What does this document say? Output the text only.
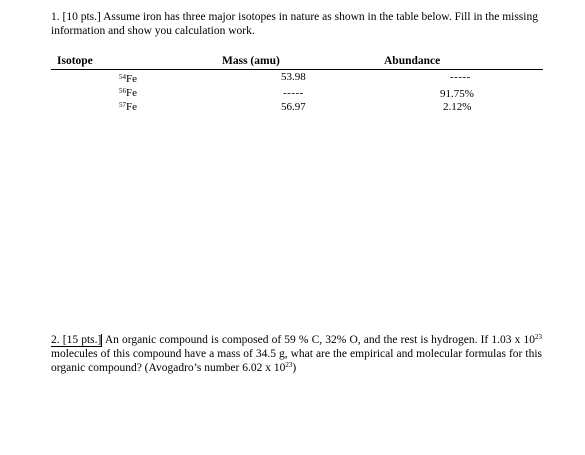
1. [10 pts.] Assume iron has three major isotopes in nature as shown in the table below. Fill in the missing information and show you calculation work.
Isotope	Mass (amu)	Abundance
$^{54}$Fe	53.98	-----
$^{56}$Fe	-----	91.75%
$^{57}$Fe	56.97	2.12%
2. [15 pts.] An organic compound is composed of 59 % C, 32% O, and the rest is hydrogen. If 1.03 x $10^{23}$ molecules of this compound have a mass of 34.5 g, what are the empirical and molecular formulas for this organic compound? (Avogadro’s number 6.02 x $10^{23}$)
